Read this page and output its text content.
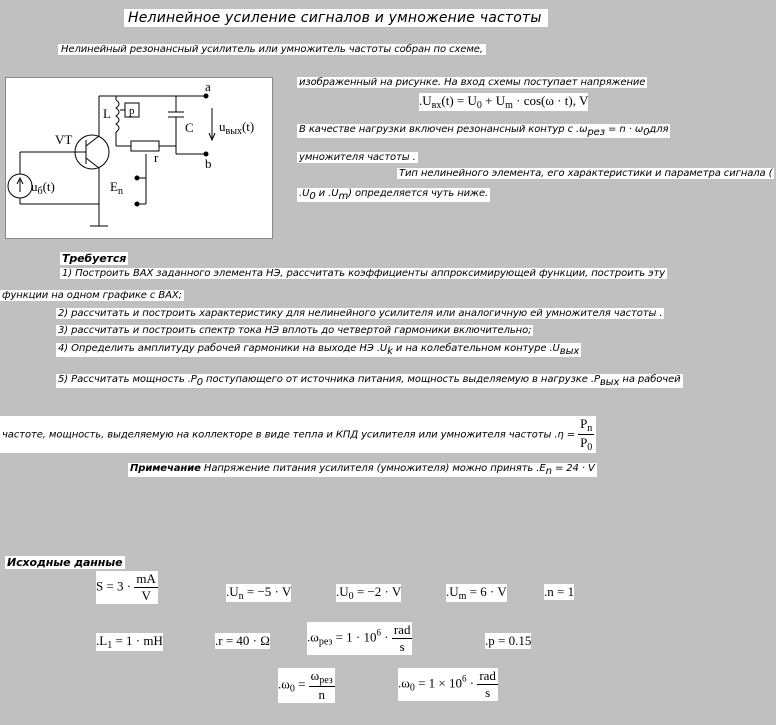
Нелинейное усиление сигналов и умножение частоты
Нелинейный резонансный усилитель или умножитель частоты собран по схеме,
a
b
L p
C
r
VT
$u_{вых}(t)$
$u_б(t)$	$E_n$
изображенный на рисунке. На вход схемы поступает напряжение
$.U_{вх}(t) = U_0 + U_m \cdot \cos(\omega \cdot t)$, V
В качестве нагрузки включен резонансный контур с .ωрез = n · ω0для
умножителя частоты .
Тип нелинейного элемента, его характеристики и параметра сигнала (
.U0 и .Um) определяется чуть ниже.
Требуется
1) Построить ВАХ заданного элемента НЭ, рассчитать коэффициенты аппроксимирующей функции, построить эту
функции на одном графике с ВАХ;
2) рассчитать и построить характеристику для нелинейного усилителя или аналогичную ей умножителя частоты .
3) рассчитать и построить спектр тока НЭ вплоть до четвертой гармоники включительно;
4) Определить амплитуду рабочей гармоники на выходе НЭ .Uk и на колебательном контуре .Uвых
5) Рассчитать мощность .P0 поступающего от источника питания, мощность выделяемую в нагрузке .Pвых на рабочей
частоте, мощность, выделяемую на коллекторе в виде тепла и КПД усилителя или умножителя частоты $.\eta = \frac{P_n}{P_0}$
Примечание Напряжение питания усилителя (умножителя) можно принять .En = 24 · V
Исходные данные
$S = 3 \cdot \frac{mA}{V}$	$.U_n = -5 \cdot V$	$.U_0 = -2 \cdot V$	$.U_m = 6 \cdot V$	.n = 1
$.L_1 = 1$ · mH	.r = 40 · Ω	$.\omega_{рез} = 1 \cdot 10^6 \cdot \frac{\text{rad}}{s}$	.p = 0.15
$.\omega_0 = \frac{\omega_{рез}}{n}$	$.\omega_0 = 1 \times 10^6 \cdot \frac{\text{rad}}{s}$
